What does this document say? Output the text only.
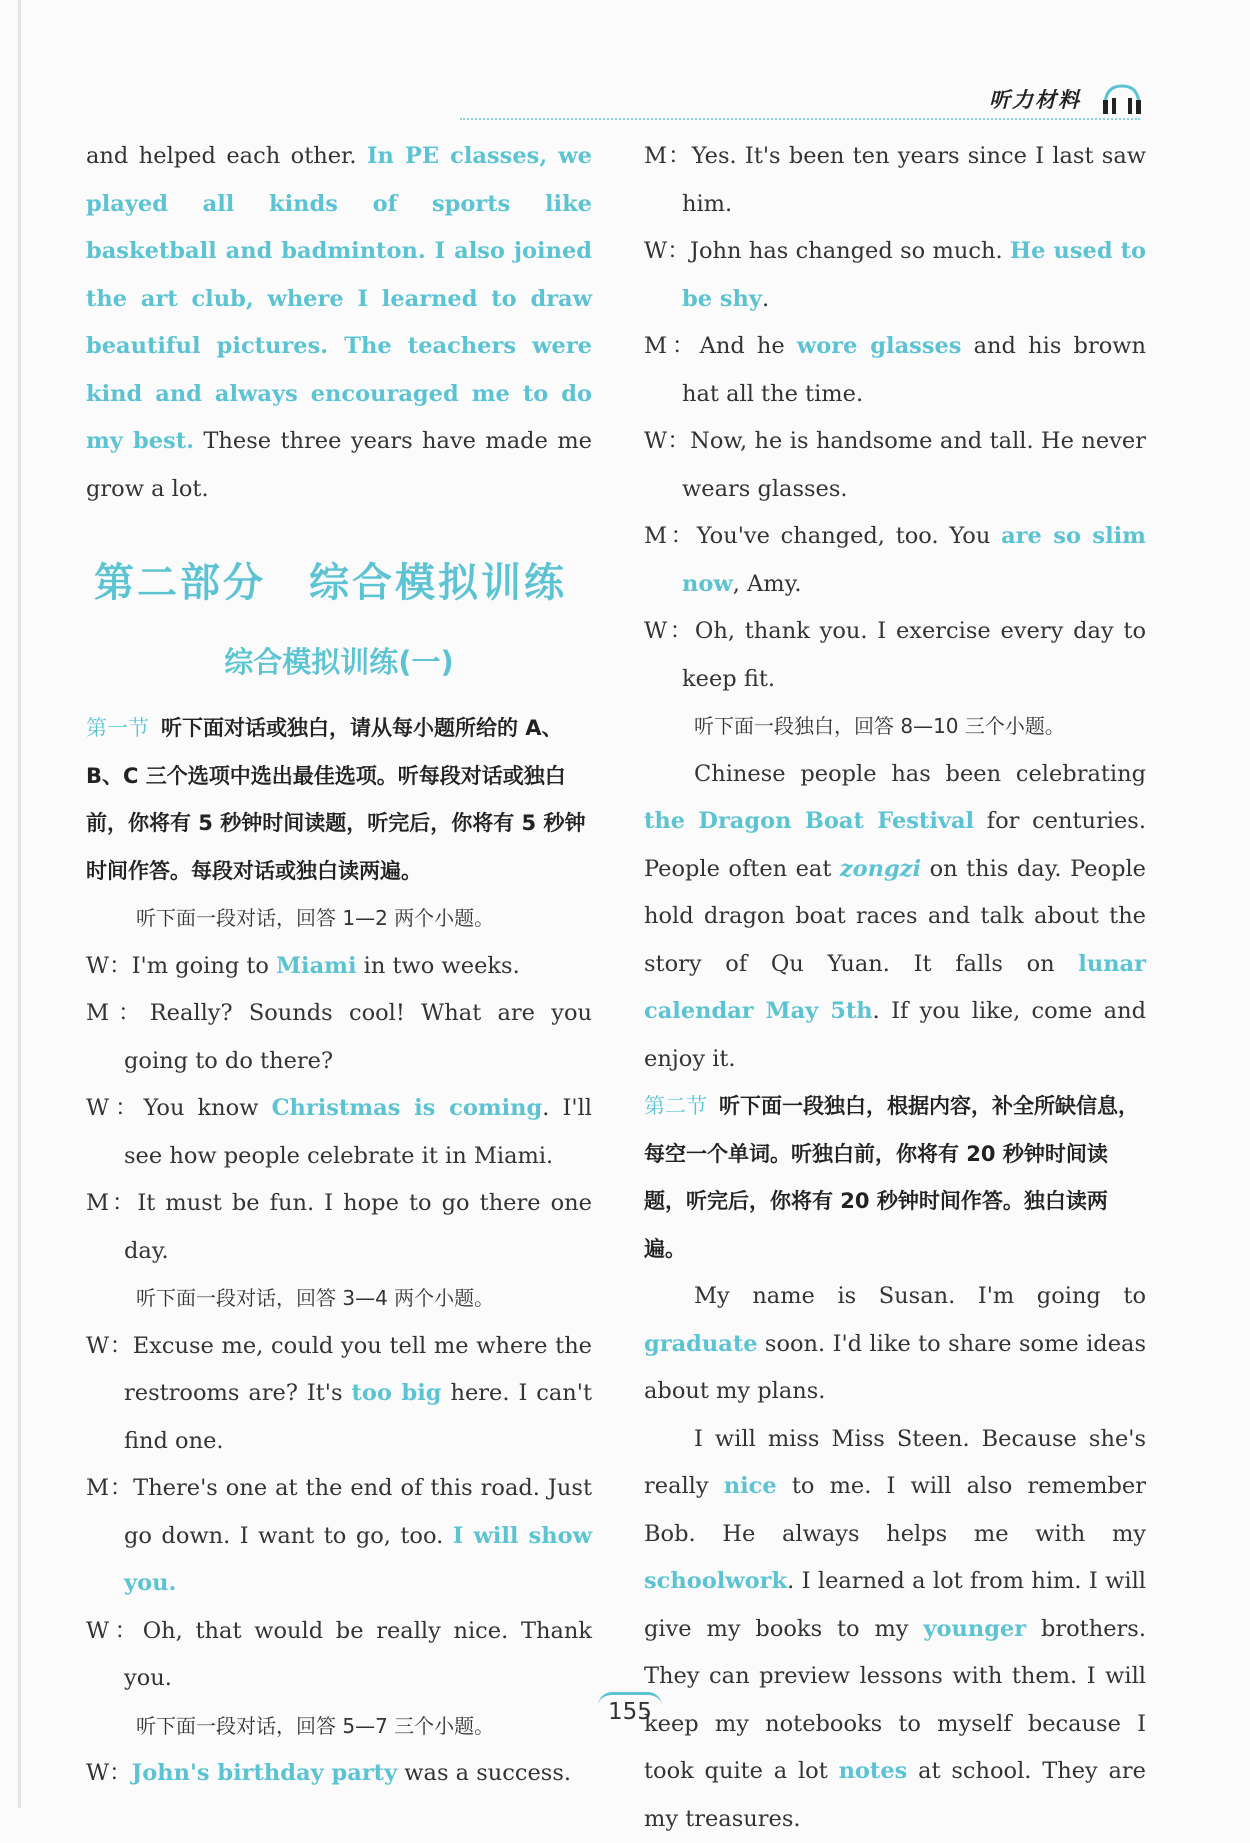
听力材料

and helped each other. In PE classes, we played all kinds of sports like basketball and badminton. I also joined the art club, where I learned to draw beautiful pictures. The teachers were kind and always encouraged me to do my best. These three years have made me grow a lot.

第二部分　综合模拟训练
综合模拟训练(一)

第一节 听下面对话或独白，请从每小题所给的 A、B、C 三个选项中选出最佳选项。听每段对话或独白前，你将有 5 秒钟时间读题，听完后，你将有 5 秒钟时间作答。每段对话或独白读两遍。

听下面一段对话，回答 1—2 两个小题。

W：I'm going to Miami in two weeks.

M：Really? Sounds cool! What are you going to do there?

W：You know Christmas is coming. I'll see how people celebrate it in Miami.

M：It must be fun. I hope to go there one day.

听下面一段对话，回答 3—4 两个小题。

W：Excuse me, could you tell me where the restrooms are? It's too big here. I can't find one.

M：There's one at the end of this road. Just go down. I want to go, too. I will show you.

W：Oh, that would be really nice. Thank you.

听下面一段对话，回答 5—7 三个小题。

W：John's birthday party was a success.

M：Yes. It's been ten years since I last saw him.

W：John has changed so much. He used to be shy.

M：And he wore glasses and his brown hat all the time.

W：Now, he is handsome and tall. He never wears glasses.

M：You've changed, too. You are so slim now, Amy.

W：Oh, thank you. I exercise every day to keep fit.

听下面一段独白，回答 8—10 三个小题。

Chinese people has been celebrating the Dragon Boat Festival for centuries. People often eat zongzi on this day. People hold dragon boat races and talk about the story of Qu Yuan. It falls on lunar calendar May 5th. If you like, come and enjoy it.

第二节 听下面一段独白，根据内容，补全所缺信息，每空一个单词。听独白前，你将有 20 秒钟时间读题，听完后，你将有 20 秒钟时间作答。独白读两遍。

My name is Susan. I'm going to graduate soon. I'd like to share some ideas about my plans.

I will miss Miss Steen. Because she's really nice to me. I will also remember Bob. He always helps me with my schoolwork. I learned a lot from him. I will give my books to my younger brothers. They can preview lessons with them. I will keep my notebooks to myself because I took quite a lot notes at school. They are my treasures.

155
